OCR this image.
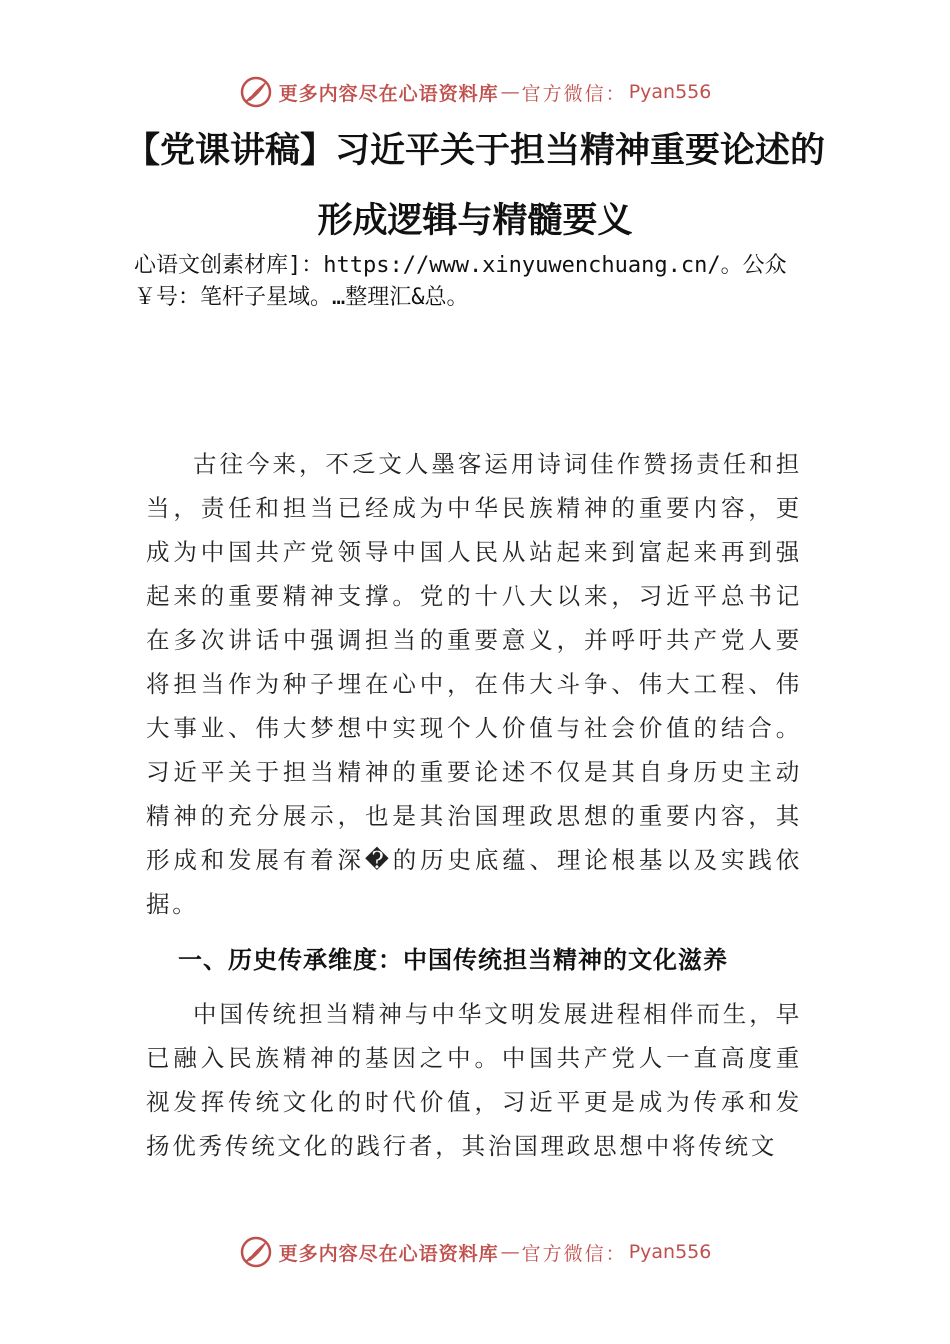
更多内容尽在心语资料库 — 官方微信： Pyan556
【党课讲稿】习近平关于担当精神重要论述的
形成逻辑与精髓要义

心语文创素材库]：https://www.xinyuwenchuang.cn/。公众￥号：笔杆子星域。…整理汇&总。

古往今来，不乏文人墨客运用诗词佳作赞扬责任和担当，责任和担当已经成为中华民族精神的重要内容，更成为中国共产党领导中国人民从站起来到富起来再到强起来的重要精神支撑。党的十八大以来，习近平总书记在多次讲话中强调担当的重要意义，并呼吁共产党人要将担当作为种子埋在心中，在伟大斗争、伟大工程、伟大事业、伟大梦想中实现个人价值与社会价值的结合。习近平关于担当精神的重要论述不仅是其自身历史主动精神的充分展示，也是其治国理政思想的重要内容，其形成和发展有着深�的历史底蕴、理论根基以及实践依据。

一、历史传承维度：中国传统担当精神的文化滋养

中国传统担当精神与中华文明发展进程相伴而生，早已融入民族精神的基因之中。中国共产党人一直高度重视发挥传统文化的时代价值，习近平更是成为传承和发扬优秀传统文化的践行者，其治国理政思想中将传统文

更多内容尽在心语资料库 — 官方微信： Pyan556
